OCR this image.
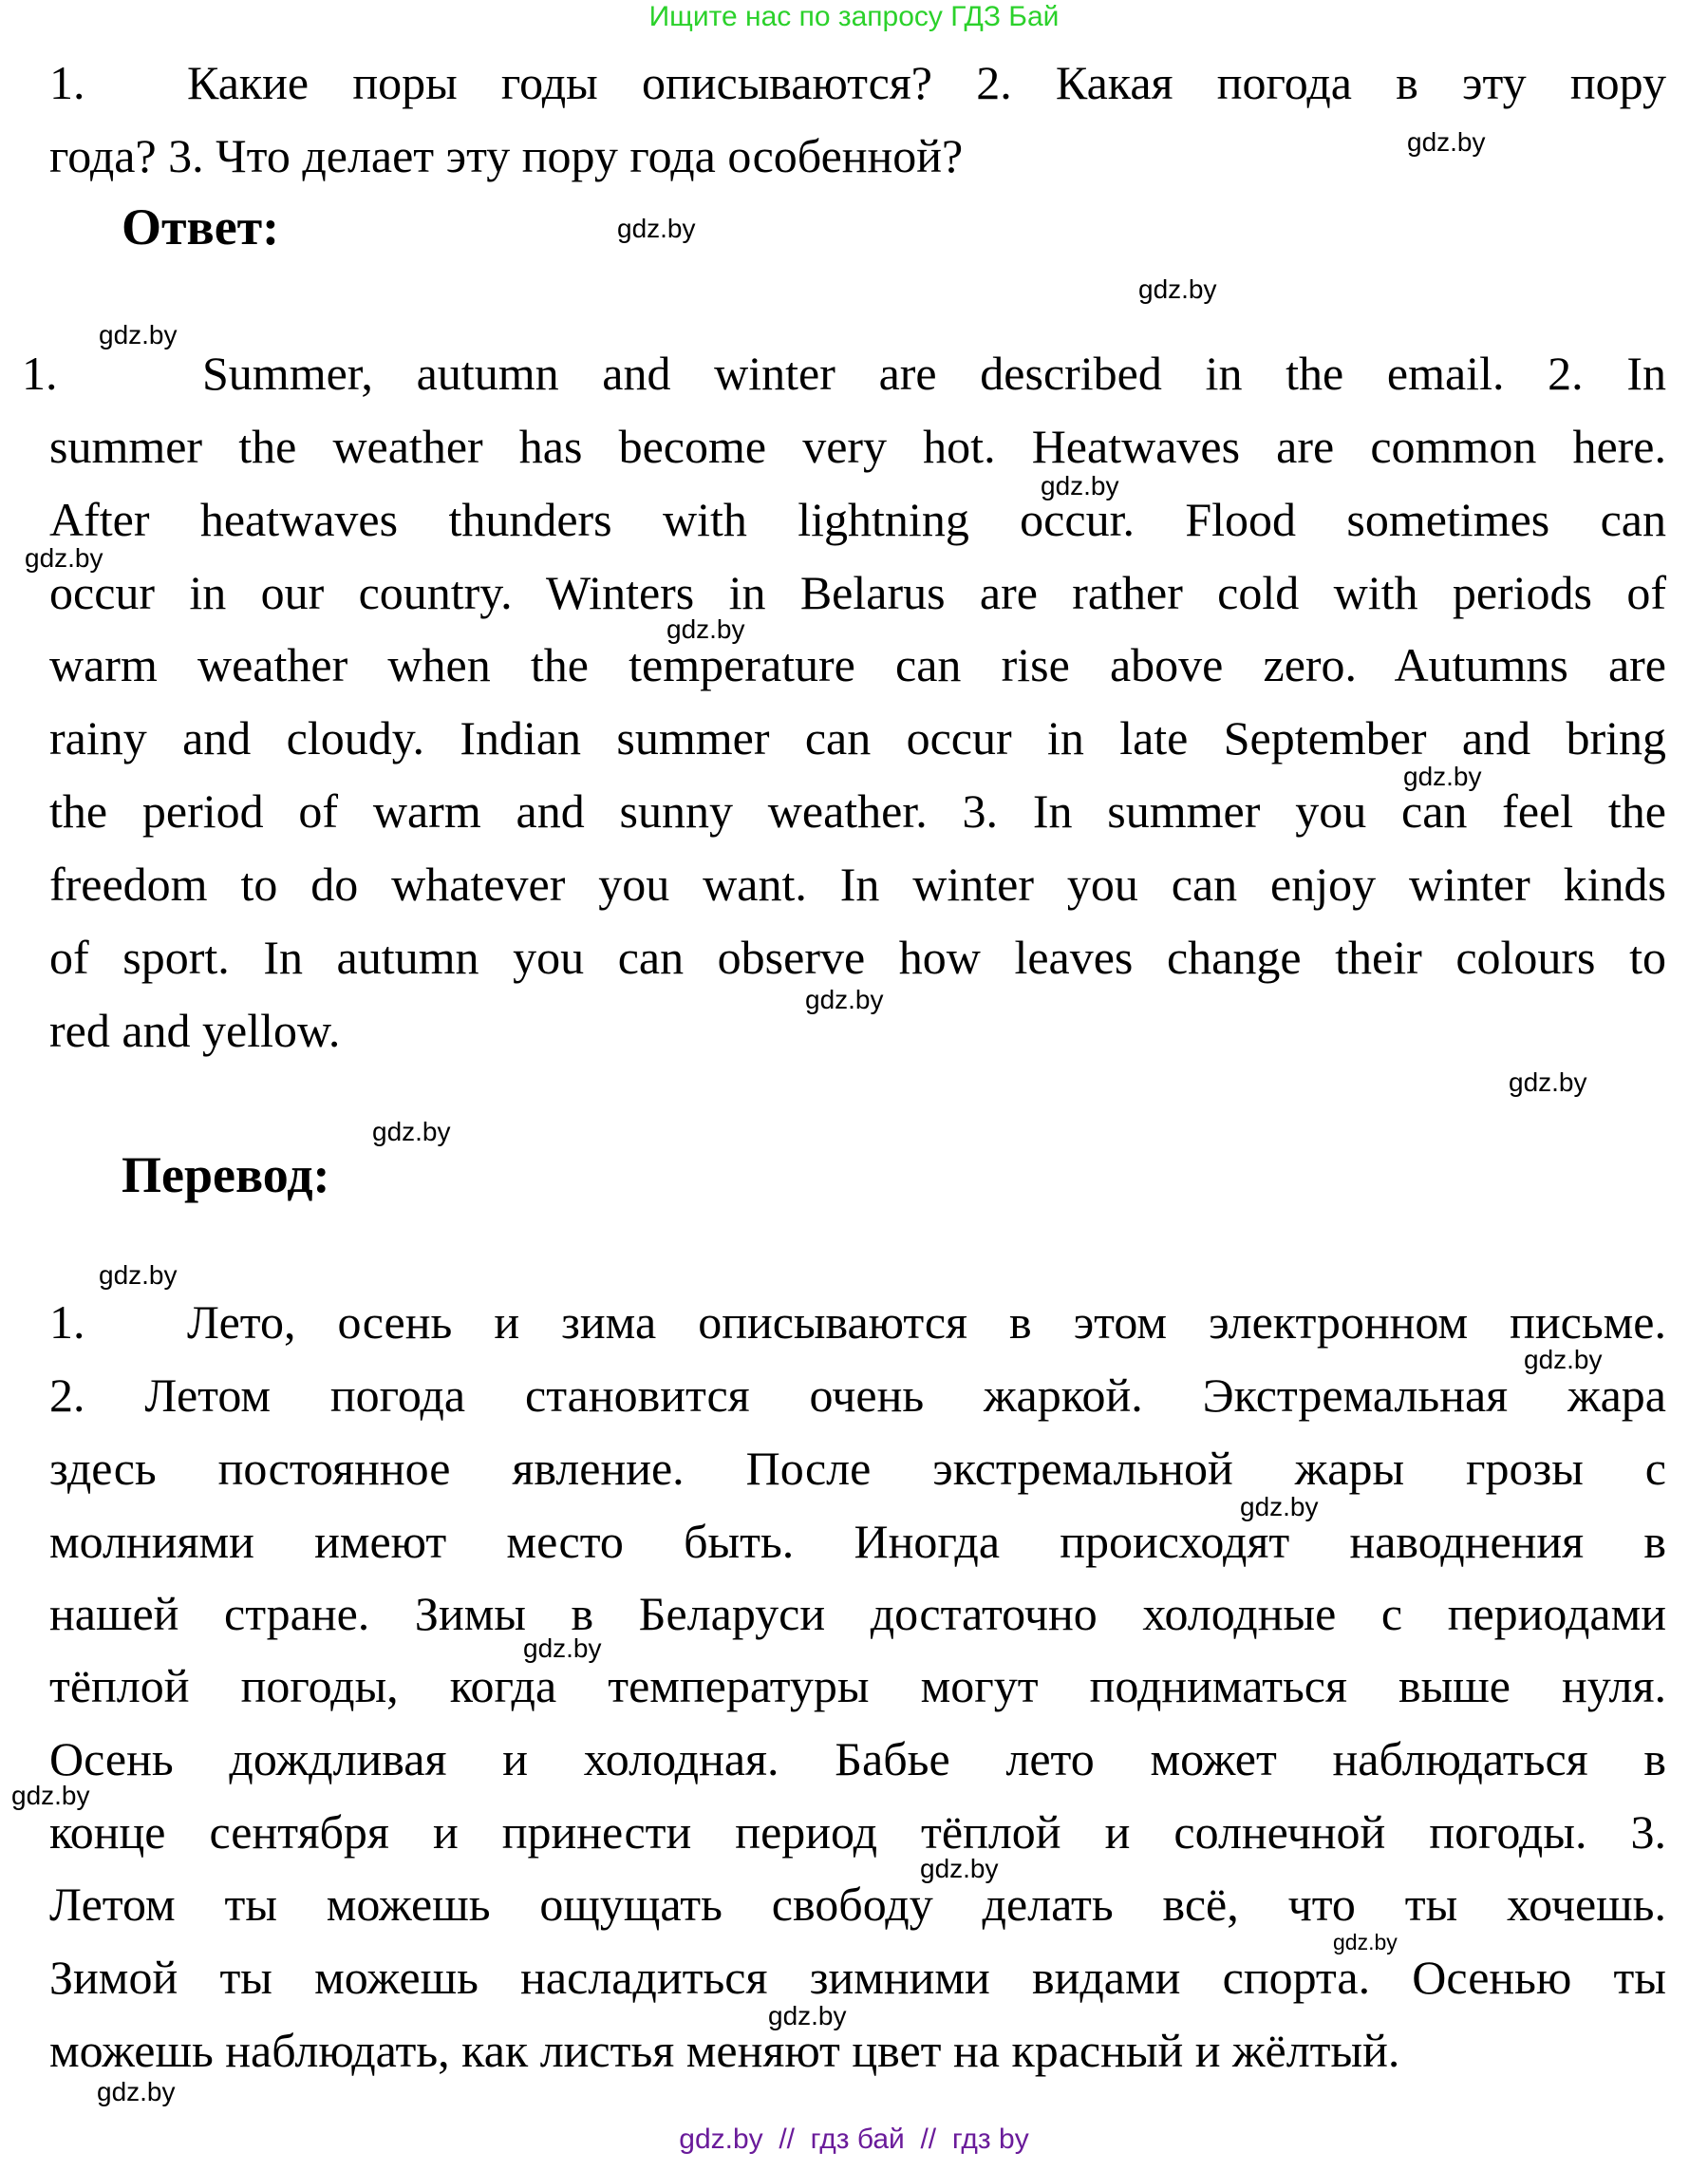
Ищите нас по запросу ГДЗ Бай
1. Какие поры годы описываются? 2. Какая погода в эту пору
года? 3. Что делает эту пору года особенной?
Ответ:
1.	Summer, autumn and winter are described in the email. 2. In
summer the weather has become very hot. Heatwaves are common here.
After heatwaves thunders with lightning occur. Flood sometimes can
occur in our country. Winters in Belarus are rather cold with periods of
warm weather when the temperature can rise above zero. Autumns are
rainy and cloudy. Indian summer can occur in late September and bring
the period of warm and sunny weather. 3. In summer you can feel the
freedom to do whatever you want. In winter you can enjoy winter kinds
of sport. In autumn you can observe how leaves change their colours to
red and yellow.
Перевод:
1. Лето, осень и зима описываются в этом электронном письме.
2. Летом погода становится очень жаркой. Экстремальная жара
здесь постоянное явление. После экстремальной жары грозы с
молниями имеют место быть. Иногда происходят наводнения в
нашей стране. Зимы в Беларуси достаточно холодные с периодами
тёплой погоды, когда температуры могут подниматься выше нуля.
Осень дождливая и холодная. Бабье лето может наблюдаться в
конце сентября и принести период тёплой и солнечной погоды. 3.
Летом ты можешь ощущать свободу делать всё, что ты хочешь.
Зимой ты можешь насладиться зимними видами спорта. Осенью ты
можешь наблюдать, как листья меняют цвет на красный и жёлтый.
gdz.by
gdz.by
gdz.by
gdz.by
gdz.by
gdz.by
gdz.by
gdz.by
gdz.by
gdz.by
gdz.by
gdz.by
gdz.by
gdz.by
gdz.by
gdz.by
gdz.by
gdz.by
gdz.by
gdz.by
gdz.by  //  гдз бай  //  гдз by
